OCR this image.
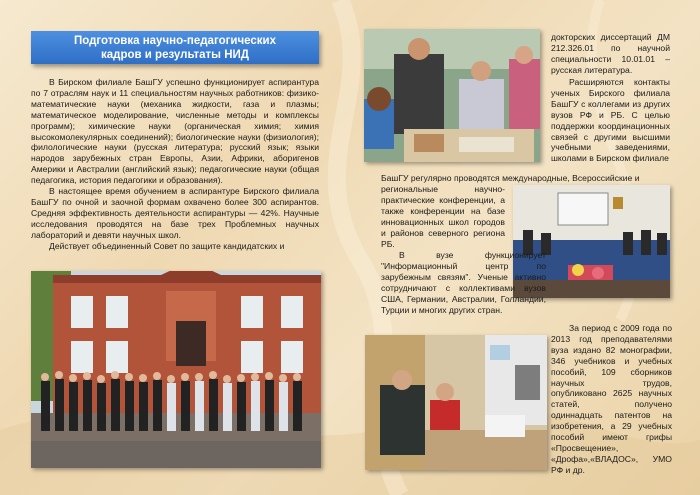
Подготовка научно-педагогических
кадров и результаты НИД

В Бирском филиале БашГУ успешно функционирует аспирантура по 7 отраслям наук и 11 специальностям научных работников: физико-математические науки (механика жидкости, газа и плазмы; математическое моделирование, численные методы и комплексы программ); химические науки (органическая химия; химия высокомолекулярных соединений); биологические науки (физиология); филологические науки (русская литература; русский язык; языки народов зарубежных стран Европы, Азии, Африки, аборигенов Америки и Австралии (английский язык); педагогические науки (общая педагогика, история педагогики и образования).

В настоящее время обучением в аспирантуре Бирского филиала БашГУ по очной и заочной формам охвачено более 300 аспирантов. Средняя эффективность деятельности аспирантуры — 42%. Научные исследования проводятся на базе трех Проблемных научных лабораторий и девяти научных школ.

Действует объединенный Совет по защите кандидатских и

докторских диссертаций ДМ 212.326.01 по научной специальности 10.01.01 – русская литература.

Расширяются контакты ученых Бирского филиала БашГУ с коллегами из других вузов РФ и РБ. С целью поддержки координационных связей с другими высшими учебными заведениями, школами в Бирском филиале

БашГУ регулярно проводятся международные, Всероссийские и

региональные научно-практические конференции, а также конференции на базе инновационных школ городов и районов северного региона РБ.

В вузе функционирует "Информационный центр по зарубежным связям". Ученые активно сотрудничают с коллективами вузов США, Германии, Австралии, Голландии, Турции и многих других стран.

За период с 2009 года по 2013 год преподавателями вуза издано 82 монографии, 346 учебников и учебных пособий, 109 сборников научных трудов, опубликовано 2625 научных статей, получено одиннадцать патентов на изобретения, а 29 учебных пособий имеют грифы «Просвещение», «Дрофа»,«ВЛАДОС», УМО РФ и др.
